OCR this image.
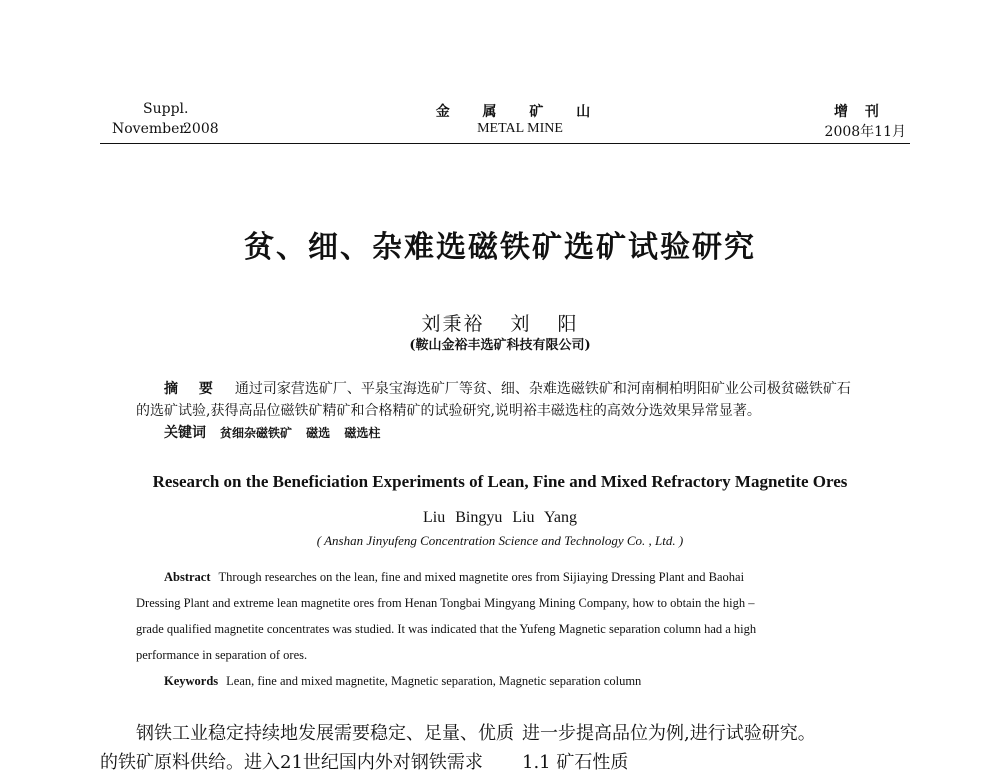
Suppl.
November
2008
金 属 矿 山
METAL MINE
增 刊
2008年11月
贫、细、杂难选磁铁矿选矿试验研究
刘秉裕 刘 阳
(鞍山金裕丰选矿科技有限公司)
摘 要 通过司家营选矿厂、平泉宝海选矿厂等贫、细、杂难选磁铁矿和河南桐柏明阳矿业公司极贫磁铁矿石
的选矿试验,获得高品位磁铁矿精矿和合格精矿的试验研究,说明裕丰磁选柱的高效分选效果异常显著。
关键词 贫细杂磁铁矿 磁选 磁选柱
Research on the Beneficiation Experiments of Lean, Fine and Mixed Refractory Magnetite Ores
Liu Bingyu Liu Yang
( Anshan Jinyufeng Concentration Science and Technology Co. , Ltd. )
Abstract Through researches on the lean, fine and mixed magnetite ores from Sijiaying Dressing Plant and Baohai
Dressing Plant and extreme lean magnetite ores from Henan Tongbai Mingyang Mining Company, how to obtain the high –
grade qualified magnetite concentrates was studied. It was indicated that the Yufeng Magnetic separation column had a high
performance in separation of ores.
Keywords Lean, fine and mixed magnetite, Magnetic separation, Magnetic separation column
钢铁工业稳定持续地发展需要稳定、足量、优质
的铁矿原料供给。进入21世纪国内外对钢铁需求
进一步提高品位为例,进行试验研究。
1.1 矿石性质
